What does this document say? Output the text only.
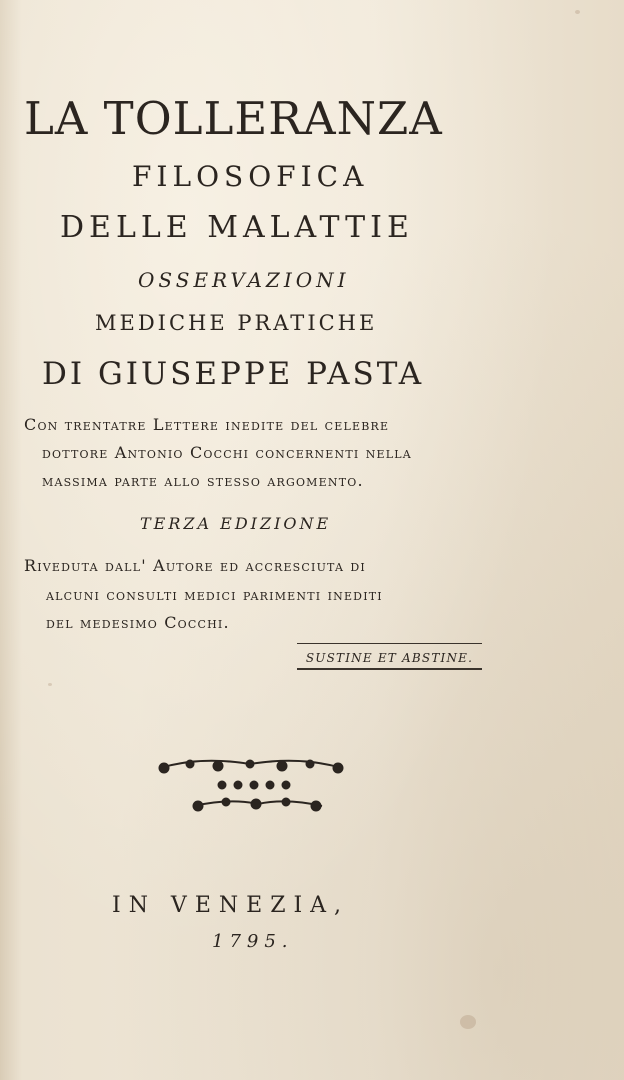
LA TOLLERANZA
FILOSOFICA
DELLE MALATTIE
OSSERVAZIONI
MEDICHE PRATICHE
DI GIUSEPPE PASTA
Con trentatre Lettere inedite del celebre
dottore Antonio Cocchi concernenti nella
massima parte allo stesso argomento.
TERZA EDIZIONE
Riveduta dall' Autore ed accresciuta di
alcuni consulti medici parimenti inediti
del medesimo Cocchi.
SUSTINE ET ABSTINE.
IN VENEZIA,
1795.
